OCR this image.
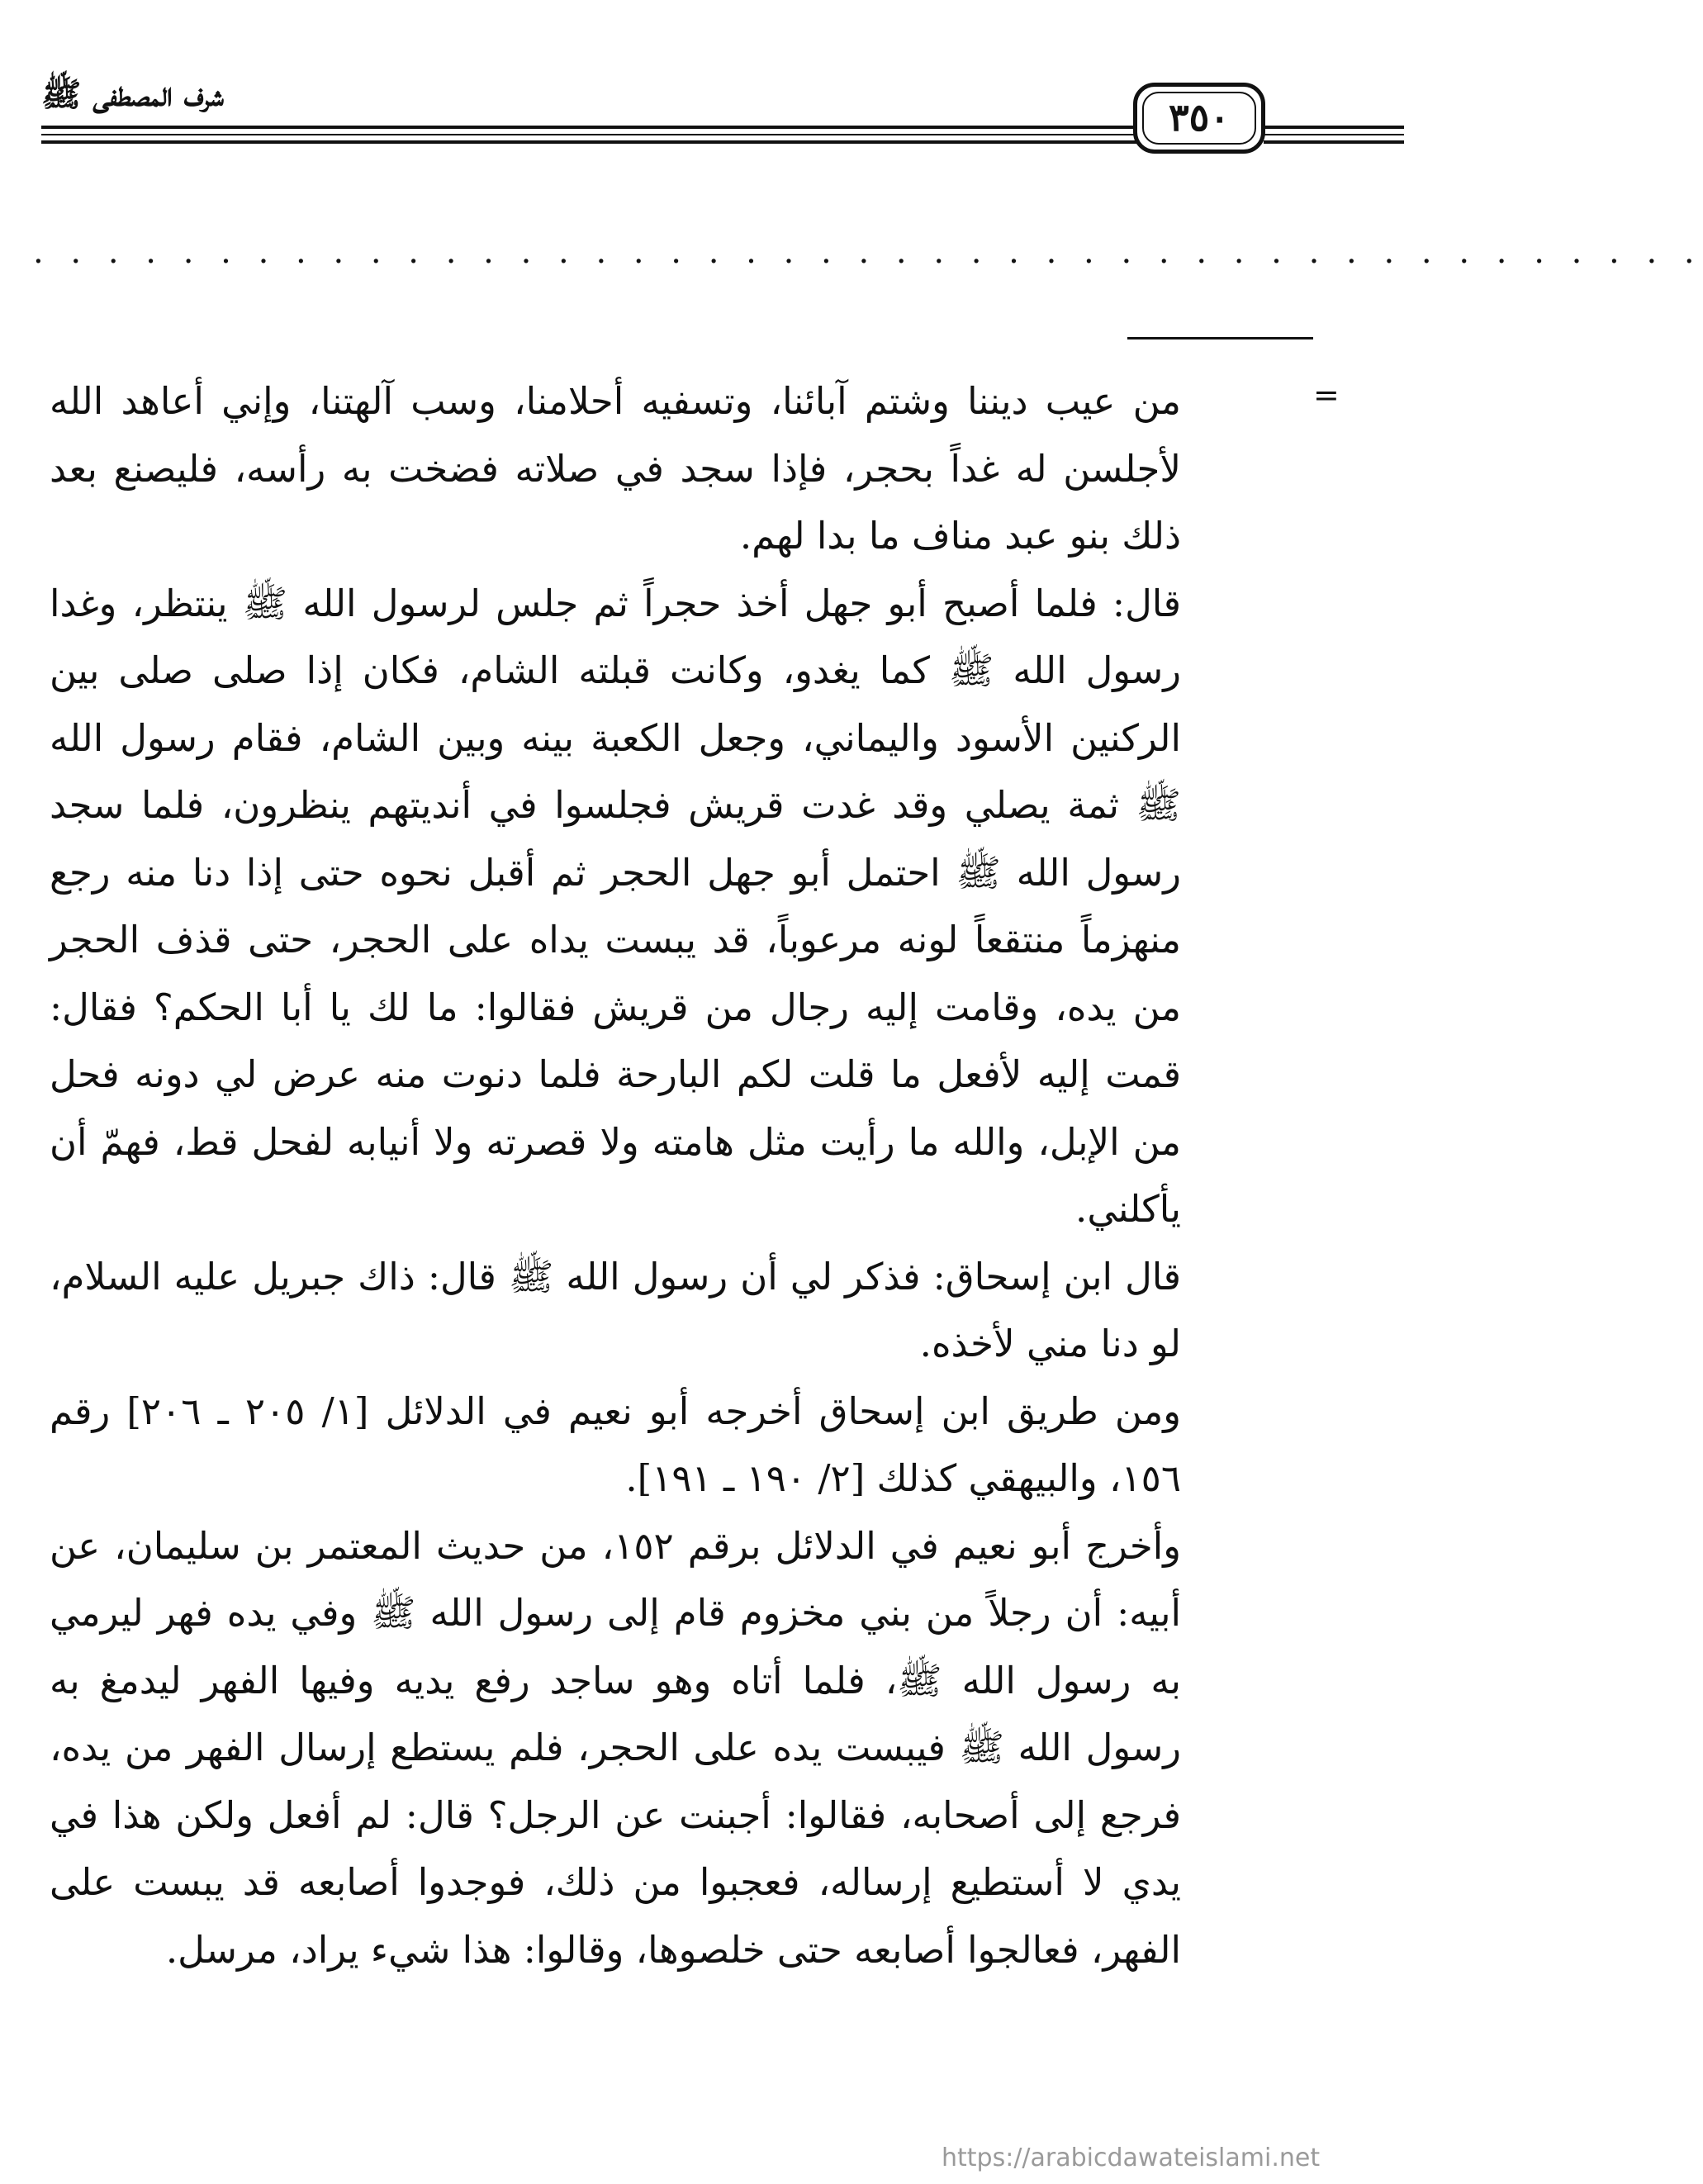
شرف المصطفى ﷺ
٣٥٠
. . . . . . . . . . . . . . . . . . . . . . . . . . . . . . . . . . . . . . . . . . . . .
=

من عيب ديننا وشتم آبائنا، وتسفيه أحلامنا، وسب آلهتنا، وإني أعاهد الله لأجلسن له غداً بحجر، فإذا سجد في صلاته فضخت به رأسه، فليصنع بعد ذلك بنو عبد مناف ما بدا لهم.

قال: فلما أصبح أبو جهل أخذ حجراً ثم جلس لرسول الله ﷺ ينتظر، وغدا رسول الله ﷺ كما يغدو، وكانت قبلته الشام، فكان إذا صلى صلى بين الركنين الأسود واليماني، وجعل الكعبة بينه وبين الشام، فقام رسول الله ﷺ ثمة يصلي وقد غدت قريش فجلسوا في أنديتهم ينظرون، فلما سجد رسول الله ﷺ احتمل أبو جهل الحجر ثم أقبل نحوه حتى إذا دنا منه رجع منهزماً منتقعاً لونه مرعوباً، قد يبست يداه على الحجر، حتى قذف الحجر من يده، وقامت إليه رجال من قريش فقالوا: ما لك يا أبا الحكم؟ فقال: قمت إليه لأفعل ما قلت لكم البارحة فلما دنوت منه عرض لي دونه فحل من الإبل، والله ما رأيت مثل هامته ولا قصرته ولا أنيابه لفحل قط، فهمّ أن يأكلني.

قال ابن إسحاق: فذكر لي أن رسول الله ﷺ قال: ذاك جبريل عليه السلام، لو دنا مني لأخذه.

ومن طريق ابن إسحاق أخرجه أبو نعيم في الدلائل [١/ ٢٠٥ ـ ٢٠٦] رقم ١٥٦، والبيهقي كذلك [٢/ ١٩٠ ـ ١٩١].

وأخرج أبو نعيم في الدلائل برقم ١٥٢، من حديث المعتمر بن سليمان، عن أبيه: أن رجلاً من بني مخزوم قام إلى رسول الله ﷺ وفي يده فهر ليرمي به رسول الله ﷺ، فلما أتاه وهو ساجد رفع يديه وفيها الفهر ليدمغ به رسول الله ﷺ فيبست يده على الحجر، فلم يستطع إرسال الفهر من يده، فرجع إلى أصحابه، فقالوا: أجبنت عن الرجل؟ قال: لم أفعل ولكن هذا في يدي لا أستطيع إرساله، فعجبوا من ذلك، فوجدوا أصابعه قد يبست على الفهر، فعالجوا أصابعه حتى خلصوها، وقالوا: هذا شيء يراد، مرسل.

https://arabicdawateislami.net
